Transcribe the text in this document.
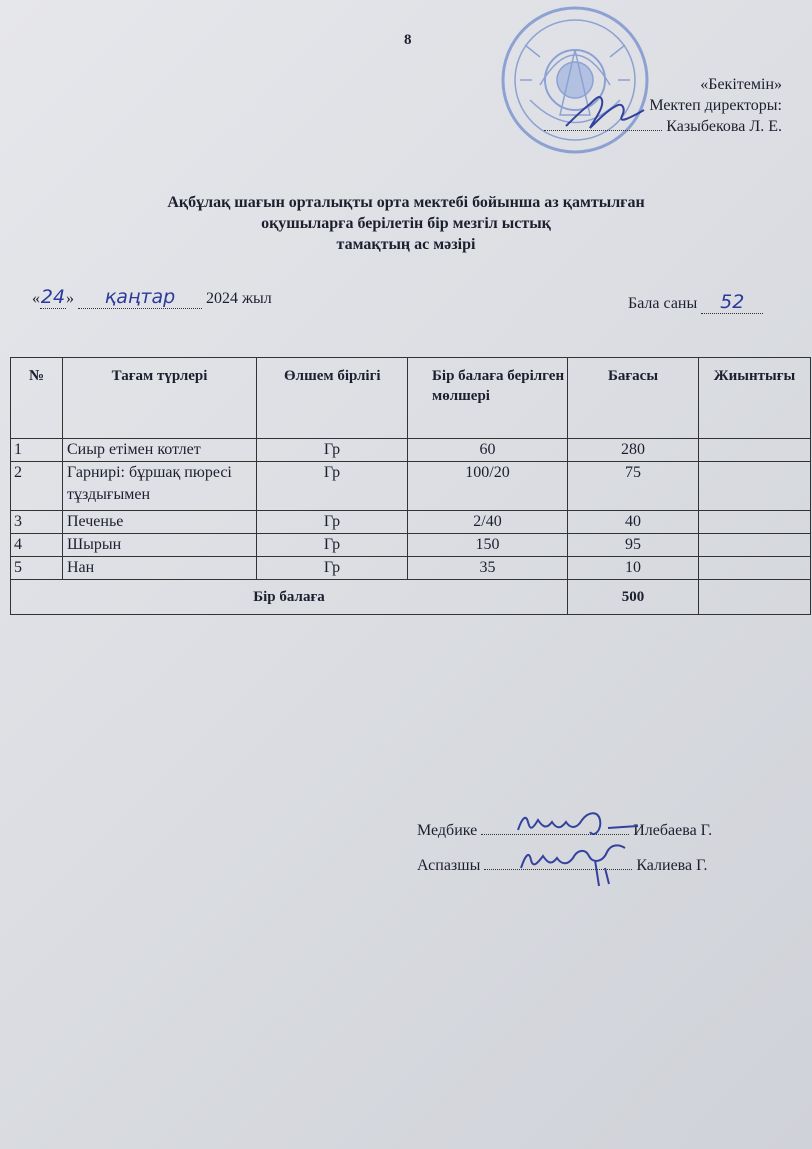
8
«Бекітемін»
Мектеп директоры:
Казыбекова Л. Е.
Ақбұлақ шағын орталықты орта мектебі бойынша аз қамтылған
оқушыларға берілетін бір мезгіл ыстық
тамақтың ас мәзірі
«24» қаңтар 2024 жыл	Бала саны 52
№	Тағам түрлері	Өлшем бірлігі	Бір балаға берілген мөлшері	Бағасы	Жиынтығы
1	Сиыр етімен котлет	Гр	60	280	
2	Гарнирі: бұршақ пюресі тұздығымен	Гр	100/20	75	
3	Печенье	Гр	2/40	40	
4	Шырын	Гр	150	95	
5	Нан	Гр	35	10	
Бір балаға				500	
Медбике	Илебаева Г.
Аспазшы	Калиева Г.
